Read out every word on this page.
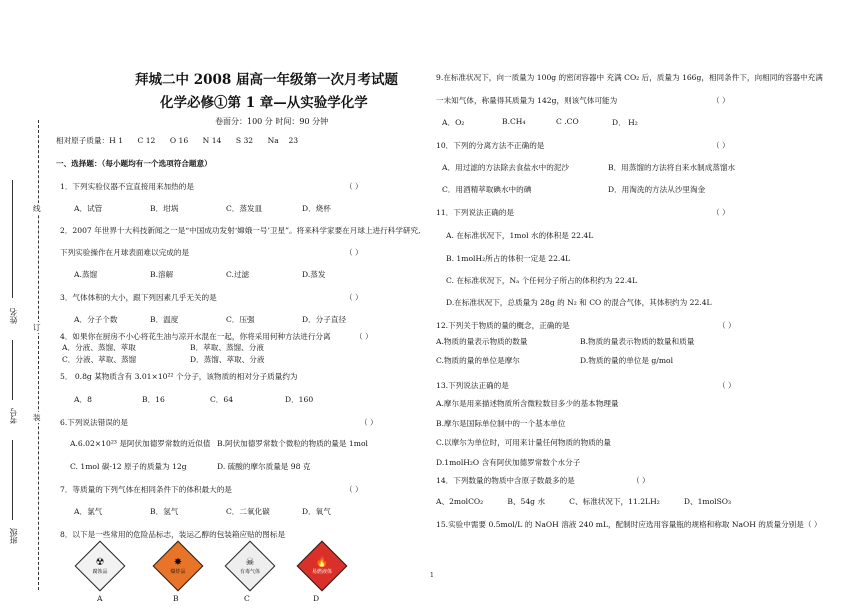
线
订
装
姓名
考号
班级
拜城二中 2008 届高一年级第一次月考试题
化学必修①第 1 章—从实验学化学
卷面分：100 分 时间：90 分钟
相对原子质量：H 1      C 12      O 16      N 14      S 32      Na    23
一、选择题：（每小题均有一个选项符合题意）
1．下列实验仪器不宜直接用来加热的是	（ ）
A．试管	B．坩埚	C．蒸发皿	D．烧杯
2．2007 年世界十大科技新闻之一是“中国成功发射‘嫦娥一号’卫星”。将来科学家要在月球上进行科学研究,
下列实验操作在月球表面难以完成的是	（ ）
A.蒸馏	B.溶解	C.过滤	D.蒸发
3．气体体积的大小，跟下列因素几乎无关的是	（ ）
A．分子个数	B．温度	C．压强	D．分子直径
4．如果你在厨房不小心将花生油与凉开水混在一起，你将采用何种方法进行分离	（ ）
A．分液、蒸馏、萃取	B．萃取、蒸馏、分液
C．分液、萃取、蒸馏	D．蒸馏、萃取、分液
5． 0.8g 某物质含有 3.01×10²² 个分子，该物质的相对分子质量约为
A．8	B．16	C．64	D．160
6.下列说法错误的是	（ ）
A.6.02×10²³ 是阿伏加德罗常数的近似值 B.阿伏加德罗常数个微粒的物质的量是 1mol
C. 1mol 碳-12 原子的质量为 12g	D. 硫酸的摩尔质量是 98 克
7．等质量的下列气体在相同条件下的体积最大的是	（ ）
A．氯气	B．氢气	C．二氧化碳	D．氧气
8．以下是一些常用的危险品标志，装运乙醇的包装箱应贴的图标是
☢
腐蚀品
✸
爆炸品
☠
有毒气体
🔥
易燃液体
A	B	C	D
9.在标准状况下，向一质量为 100g 的密闭容器中 充满 CO₂ 后，质量为 166g，相同条件下，向相同的容器中充满
一未知气体，称量得其质量为 142g，则该气体可能为	（ ）
A．O₂	B.CH₄	C .CO	D． H₂
10．下列的分离方法不正确的是	（ ）
A．用过滤的方法除去食盐水中的泥沙	B．用蒸馏的方法将自来水制成蒸馏水
C．用酒精萃取碘水中的碘	D．用淘洗的方法从沙里淘金
11．下列说法正确的是	（ ）
A. 在标准状况下，1mol 水的体积是 22.4L
B. 1molH₂所占的体积一定是 22.4L
C. 在标准状况下，Nₐ 个任何分子所占的体积约为 22.4L
D.在标准状况下，总质量为 28g 的 N₂ 和 CO 的混合气体，其体积约为 22.4L
12.下列关于物质的量的概念，正确的是	（ ）
A.物质的量表示物质的数量	B.物质的量表示物质的数量和质量
C.物质的量的单位是摩尔	D.物质的量的单位是 g/mol
13.下列说法正确的是	（ ）
A.摩尔是用来描述物质所含微粒数目多少的基本物理量
B.摩尔是国际单位制中的一个基本单位
C.以摩尔为单位时，可用来计量任何物质的物质的量
D.1molH₂O 含有阿伏加德罗常数个水分子
14．下列数量的物质中含原子数最多的是	（ ）
A、2molCO₂          B、54g 水          C、标准状况下，11.2LH₂          D、1molSO₃
15.实验中需要 0.5mol/L 的 NaOH 溶液 240 mL，配制时应选用容量瓶的规格和称取 NaOH 的质量分别是（ ）
1
